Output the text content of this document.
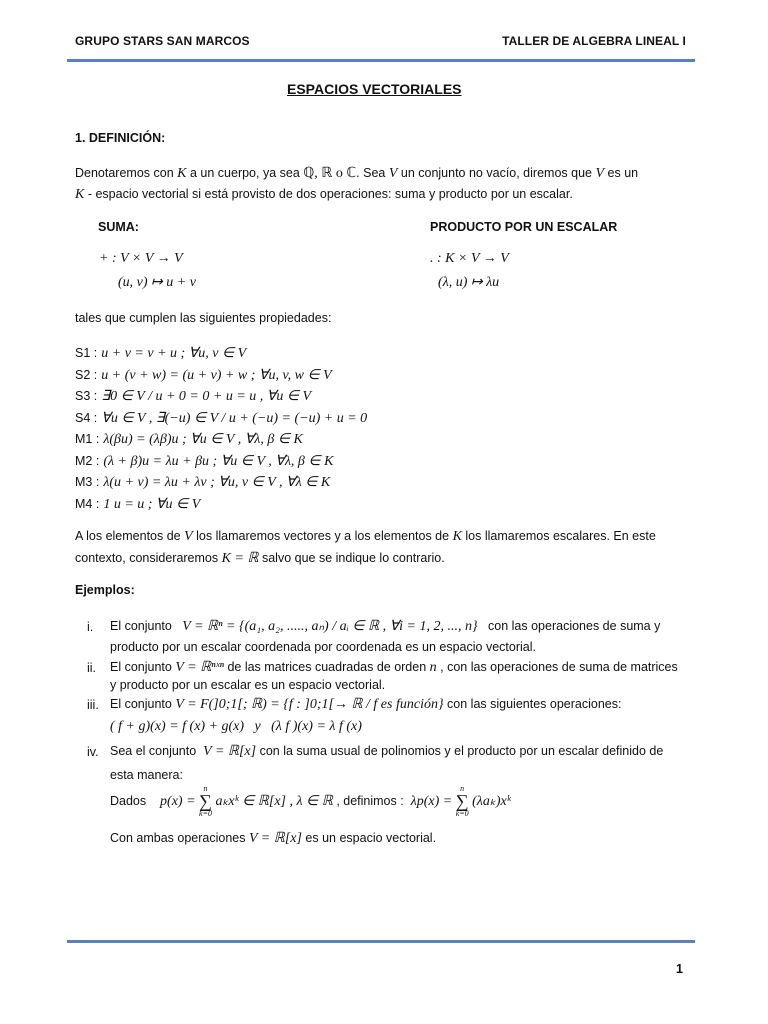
GRUPO STARS SAN MARCOS	TALLER DE ALGEBRA LINEAL I
ESPACIOS VECTORIALES
1. DEFINICIÓN:
Denotaremos con K a un cuerpo, ya sea ℚ, ℝ o ℂ. Sea V un conjunto no vacío, diremos que V es un
K - espacio vectorial si está provisto de dos operaciones: suma y producto por un escalar.
SUMA:	PRODUCTO POR UN ESCALAR
+ : V × V → V
(u, v) ↦ u + v
. : K × V → V
(λ, u) ↦ λu
tales que cumplen las siguientes propiedades:
S1 : u + v = v + u ; ∀u, v ∈ V
S2 : u + (v + w) = (u + v) + w ; ∀u, v, w ∈ V
S3 : ∃0 ∈ V / u + 0 = 0 + u = u , ∀u ∈ V
S4 : ∀u ∈ V , ∃(−u) ∈ V / u + (−u) = (−u) + u = 0
M1 : λ(βu) = (λβ)u ; ∀u ∈ V , ∀λ, β ∈ K
M2 : (λ + β)u = λu + βu ; ∀u ∈ V , ∀λ, β ∈ K
M3 : λ(u + v) = λu + λv ; ∀u, v ∈ V , ∀λ ∈ K
M4 : 1 u = u ; ∀u ∈ V
A los elementos de V los llamaremos vectores y a los elementos de K los llamaremos escalares. En este
contexto, consideraremos K = ℝ salvo que se indique lo contrario.
Ejemplos:
i. El conjunto V = ℝⁿ = {(a₁, a₂, ....., aₙ) / aᵢ ∈ ℝ , ∀i = 1, 2, ..., n} con las operaciones de suma y
producto por un escalar coordenada por coordenada es un espacio vectorial.
ii. El conjunto V = ℝⁿˣⁿ de las matrices cuadradas de orden n , con las operaciones de suma de matrices
y producto por un escalar es un espacio vectorial.
iii. El conjunto V = F(]0;1[; ℝ) = {f : ]0;1[→ ℝ / f es función} con las siguientes operaciones:
( f + g)(x) = f (x) + g(x) y (λ f )(x) = λ f (x)
iv. Sea el conjunto V = ℝ[x] con la suma usual de polinomios y el producto por un escalar definido de
esta manera:
Dados p(x) =
n
∑
k=0
aₖxᵏ ∈ ℝ[x] , λ ∈ ℝ , definimos : λp(x) =
n
∑
k=0
(λaₖ)xᵏ
Con ambas operaciones V = ℝ[x] es un espacio vectorial.
1
